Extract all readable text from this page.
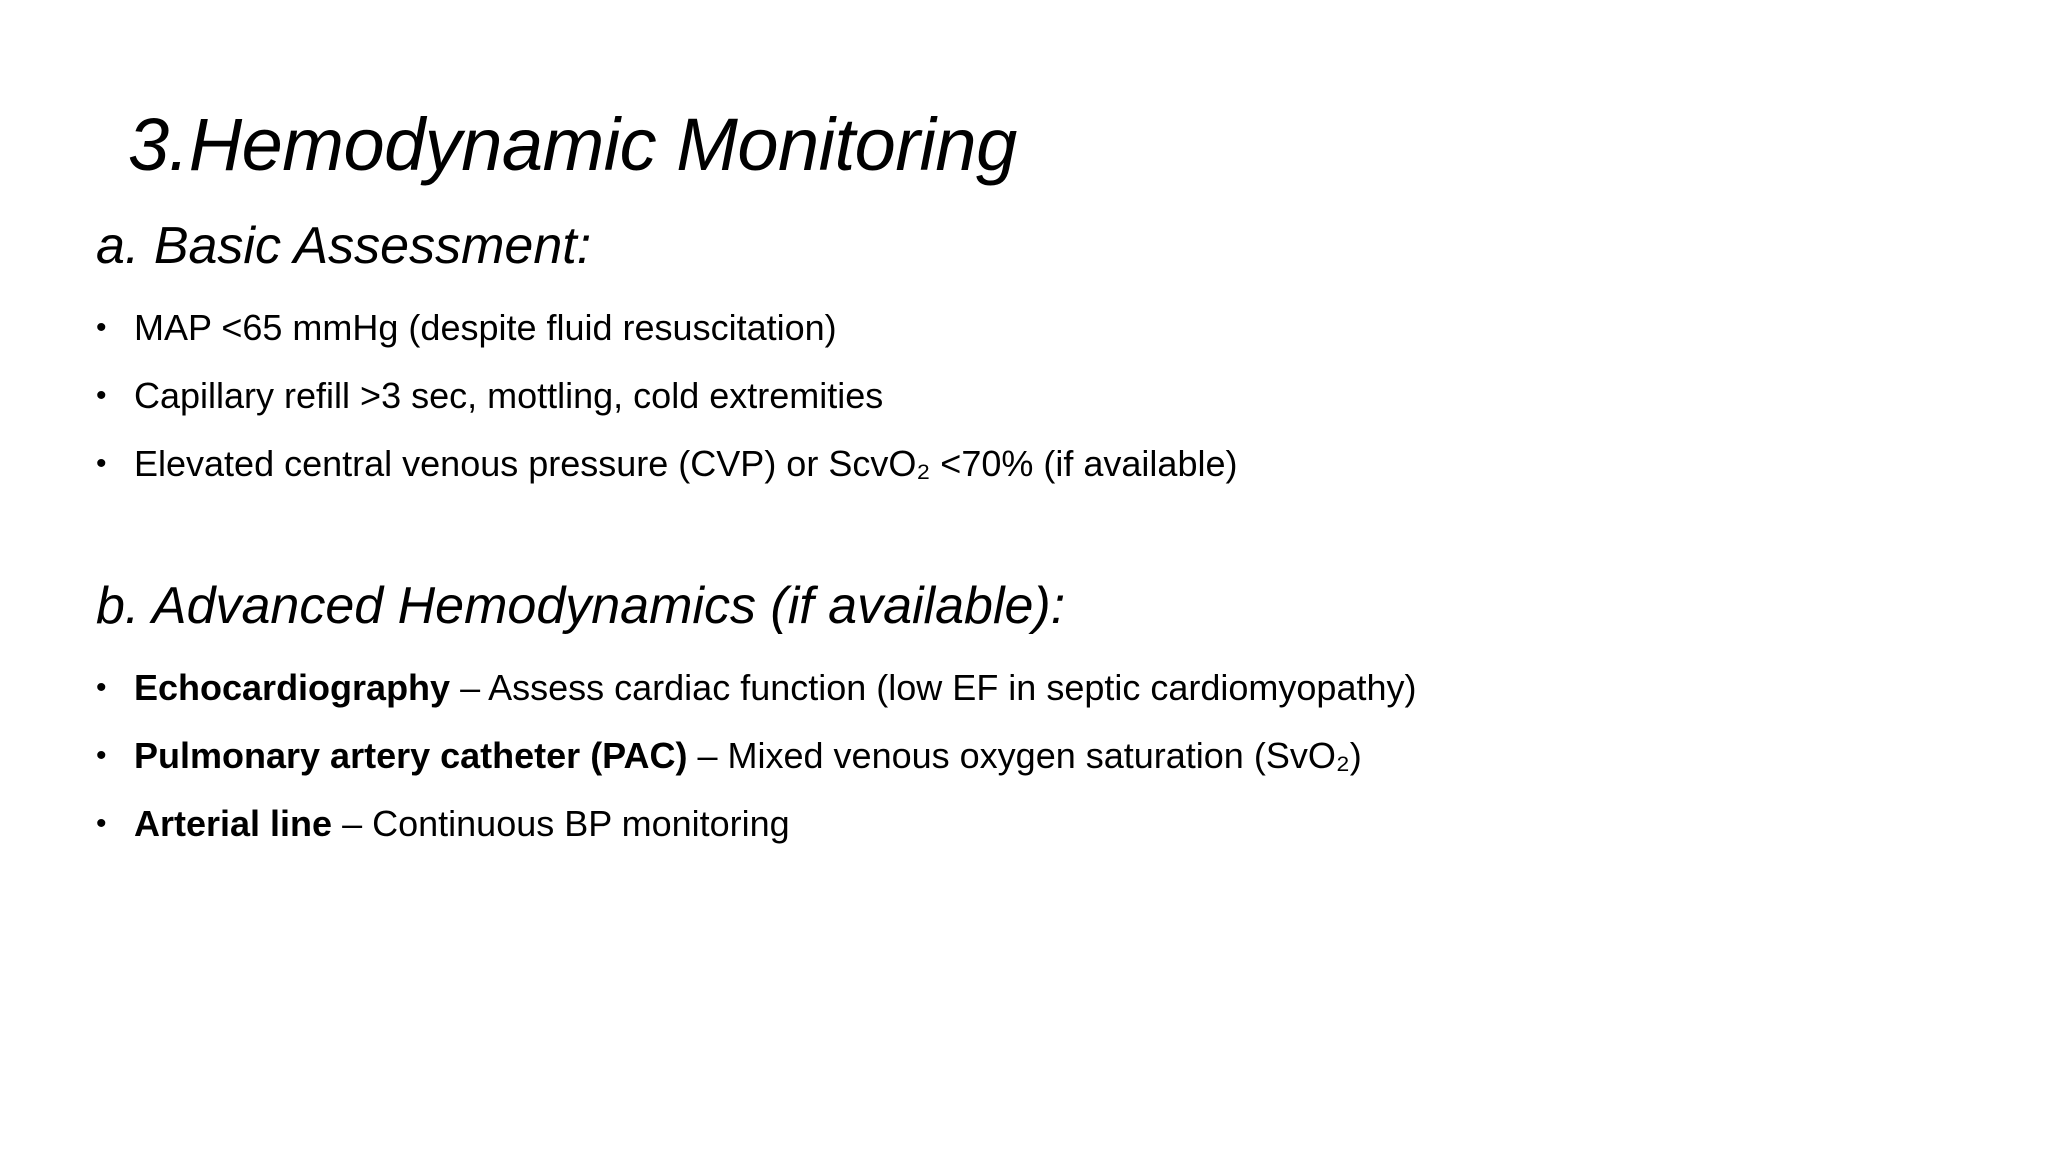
3.Hemodynamic Monitoring
a. Basic Assessment:
• MAP <65 mmHg (despite fluid resuscitation)
• Capillary refill >3 sec, mottling, cold extremities
• Elevated central venous pressure (CVP) or ScvO₂ <70% (if available)
b. Advanced Hemodynamics (if available):
• Echocardiography – Assess cardiac function (low EF in septic cardiomyopathy)
• Pulmonary artery catheter (PAC) – Mixed venous oxygen saturation (SvO₂)
• Arterial line – Continuous BP monitoring
